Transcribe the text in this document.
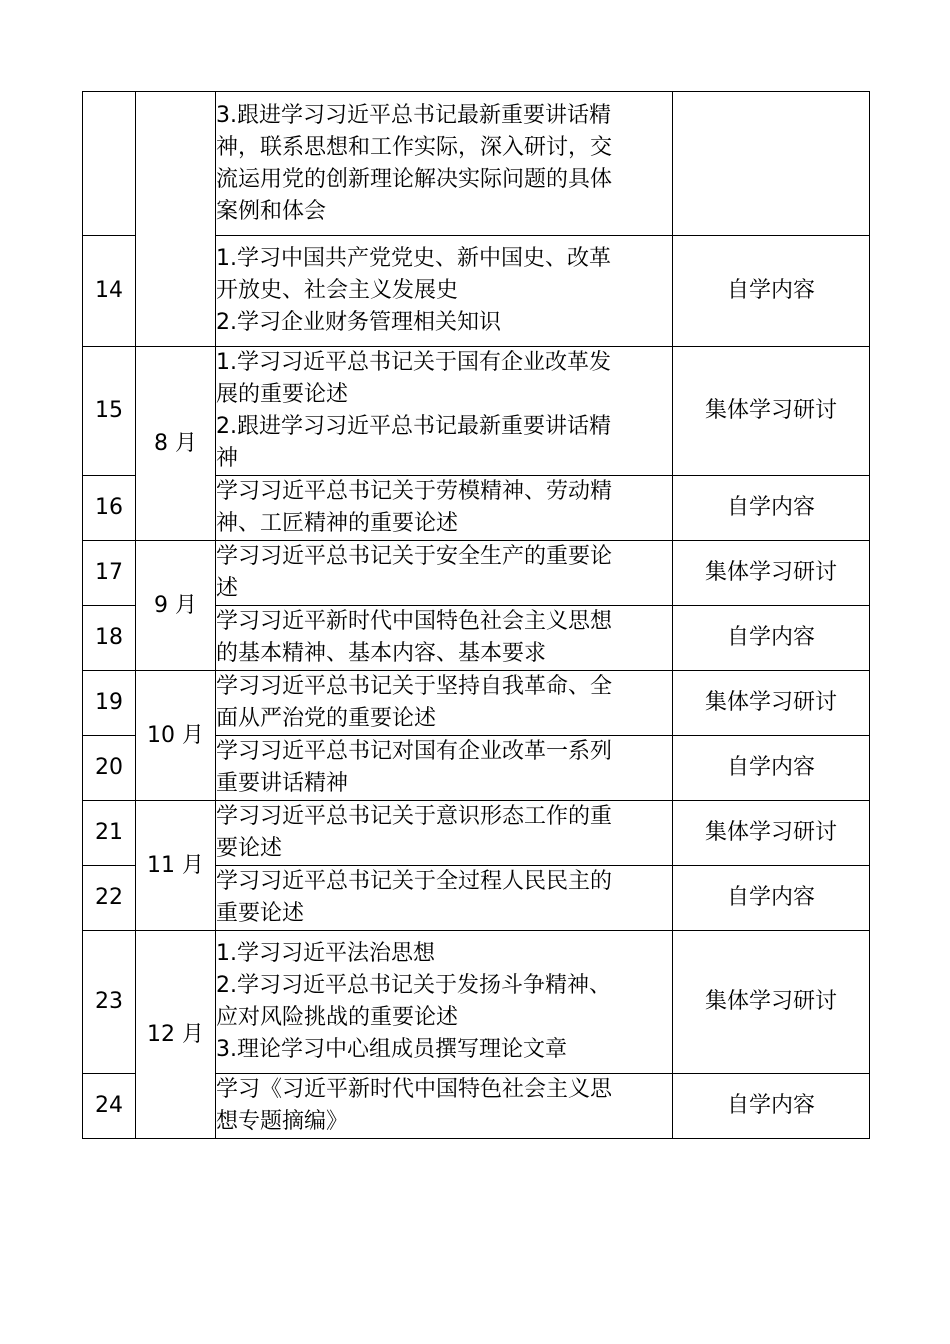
		3.跟进学习习近平总书记最新重要讲话精
神，联系思想和工作实际，深入研讨，交
流运用党的创新理论解决实际问题的具体
案例和体会	

14		1.学习中国共产党党史、新中国史、改革
开放史、社会主义发展史
2.学习企业财务管理相关知识	自学内容
15	8 月	1.学习习近平总书记关于国有企业改革发
展的重要论述
2.跟进学习习近平总书记最新重要讲话精
神	集体学习研讨
16		学习习近平总书记关于劳模精神、劳动精
神、工匠精神的重要论述	自学内容
17	9 月	学习习近平总书记关于安全生产的重要论
述	集体学习研讨
18		学习习近平新时代中国特色社会主义思想
的基本精神、基本内容、基本要求	自学内容
19	10 月	学习习近平总书记关于坚持自我革命、全
面从严治党的重要论述	集体学习研讨
20		学习习近平总书记对国有企业改革一系列
重要讲话精神	自学内容
21	11 月	学习习近平总书记关于意识形态工作的重
要论述	集体学习研讨
22		学习习近平总书记关于全过程人民民主的
重要论述	自学内容
23	12 月	1.学习习近平法治思想
2.学习习近平总书记关于发扬斗争精神、
应对风险挑战的重要论述
3.理论学习中心组成员撰写理论文章	集体学习研讨
24		学习《习近平新时代中国特色社会主义思
想专题摘编》	自学内容
